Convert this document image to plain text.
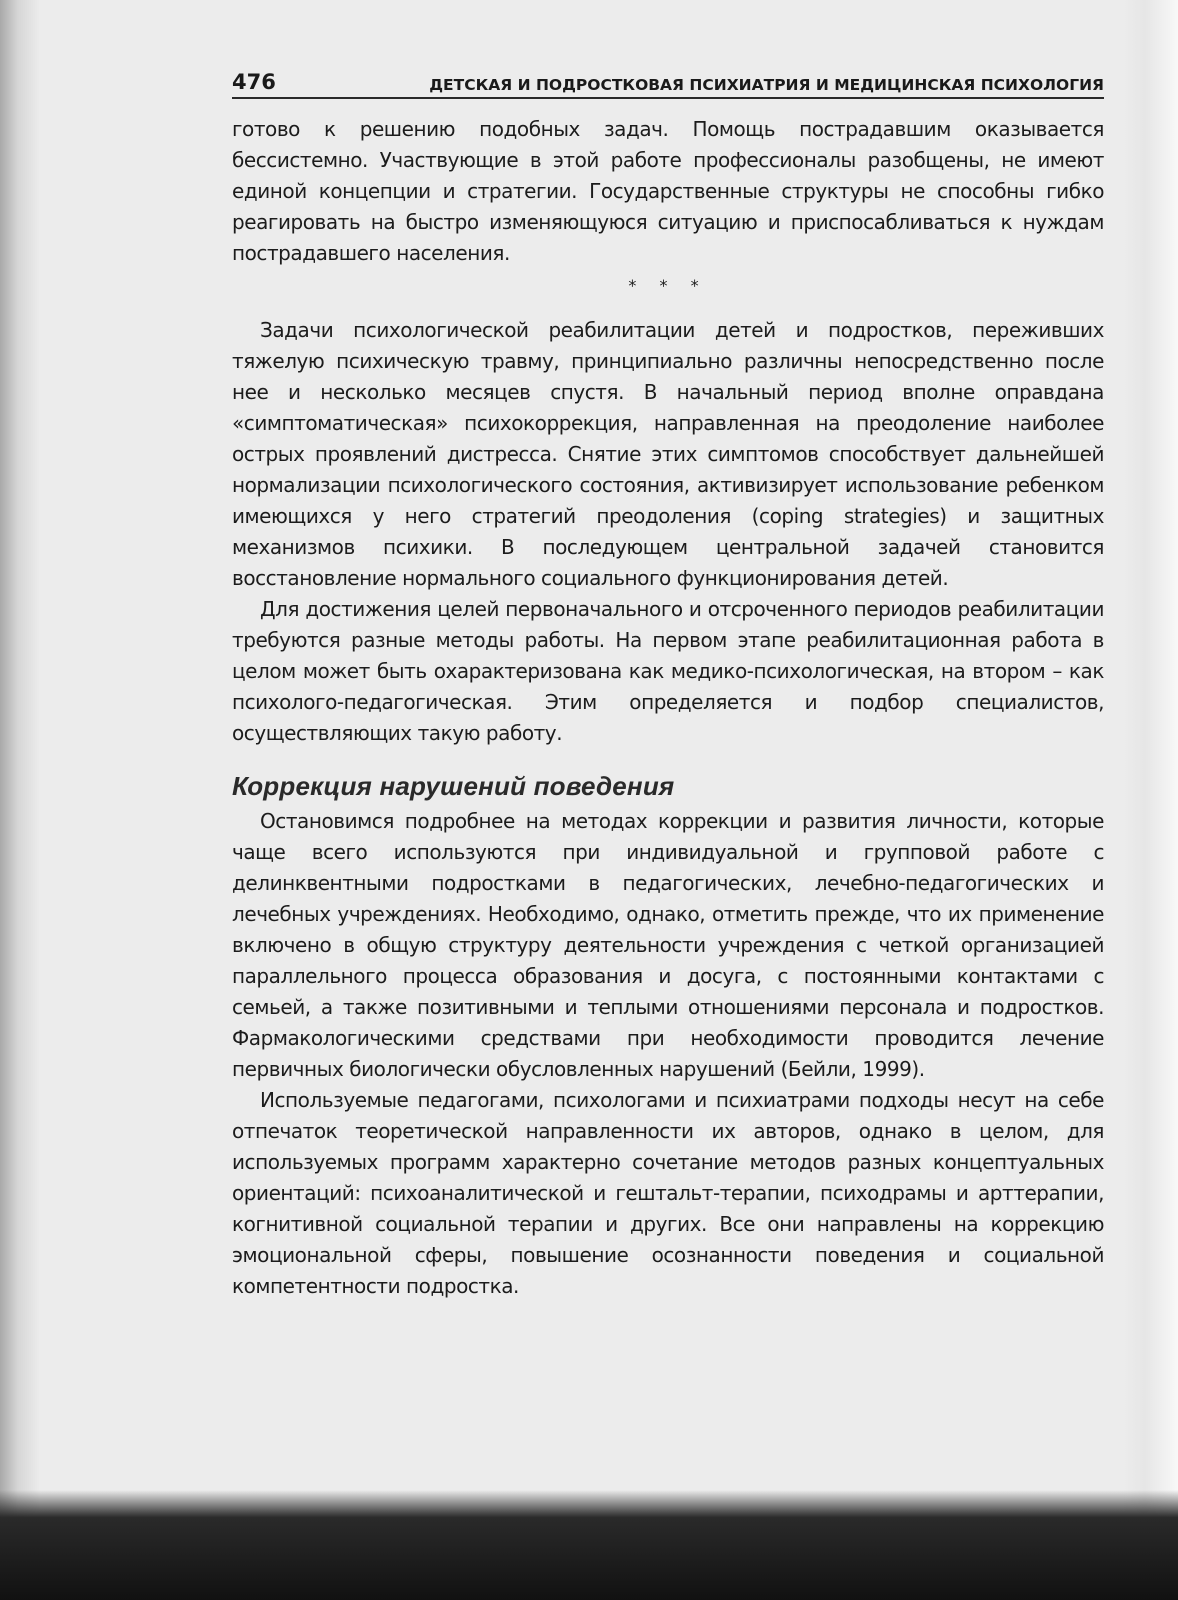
476	ДЕТСКАЯ И ПОДРОСТКОВАЯ ПСИХИАТРИЯ И МЕДИЦИНСКАЯ ПСИХОЛОГИЯ

готово к решению подобных задач. Помощь пострадавшим оказывается бессистемно. Участвующие в этой работе профессионалы разобщены, не имеют единой концепции и стратегии. Государственные структуры не способны гибко реагировать на быстро изменяющуюся ситуацию и приспосабливаться к нуждам пострадавшего населения.

* * *

Задачи психологической реабилитации детей и подростков, переживших тяжелую психическую травму, принципиально различны непосредственно после нее и несколько месяцев спустя. В начальный период вполне оправдана «симптоматическая» психокоррекция, направленная на преодоление наиболее острых проявлений дистресса. Снятие этих симптомов способствует дальнейшей нормализации психологического состояния, активизирует использование ребенком имеющихся у него стратегий преодоления (coping strategies) и защитных механизмов психики. В последующем центральной задачей становится восстановление нормального социального функционирования детей.

Для достижения целей первоначального и отсроченного периодов реабилитации требуются разные методы работы. На первом этапе реабилитационная работа в целом может быть охарактеризована как медико-психологическая, на втором – как психолого-педагогическая. Этим определяется и подбор специалистов, осуществляющих такую работу.

Коррекция нарушений поведения

Остановимся подробнее на методах коррекции и развития личности, которые чаще всего используются при индивидуальной и групповой работе с делинквентными подростками в педагогических, лечебно-педагогических и лечебных учреждениях. Необходимо, однако, отметить прежде, что их применение включено в общую структуру деятельности учреждения с четкой организацией параллельного процесса образования и досуга, с постоянными контактами с семьей, а также позитивными и теплыми отношениями персонала и подростков. Фармакологическими средствами при необходимости проводится лечение первичных биологически обусловленных нарушений (Бейли, 1999).

Используемые педагогами, психологами и психиатрами подходы несут на себе отпечаток теоретической направленности их авторов, однако в целом, для используемых программ характерно сочетание методов разных концептуальных ориентаций: психоаналитической и гештальт-терапии, психодрамы и арттерапии, когнитивной социальной терапии и других. Все они направлены на коррекцию эмоциональной сферы, повышение осознанности поведения и социальной компетентности подростка.
